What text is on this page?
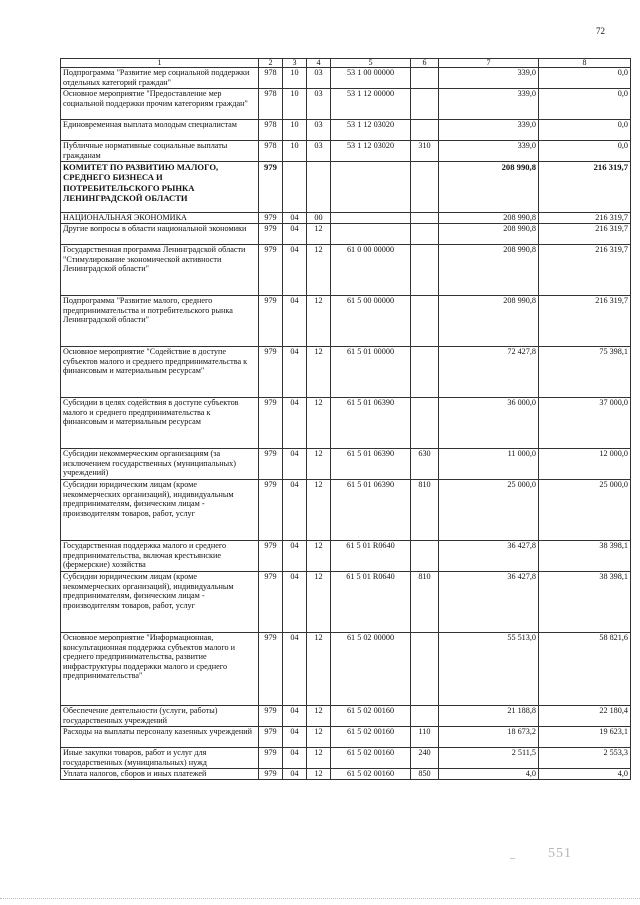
72
1	2	3	4	5	6	7	8
Подпрограмма "Развитие мер социальной поддержки отдельных категорий граждан"	978	10	03	53 1 00 00000		339,0	0,0
Основное мероприятие "Предоставление мер социальной поддержки прочим категориям граждан"	978	10	03	53 1 12 00000		339,0	0,0
Единовременная выплата молодым специалистам	978	10	03	53 1 12 03020		339,0	0,0
Публичные нормативные социальные выплаты гражданам	978	10	03	53 1 12 03020	310	339,0	0,0
КОМИТЕТ ПО РАЗВИТИЮ МАЛОГО, СРЕДНЕГО БИЗНЕСА И ПОТРЕБИТЕЛЬСКОГО РЫНКА ЛЕНИНГРАДСКОЙ ОБЛАСТИ	979					208 990,8	216 319,7
НАЦИОНАЛЬНАЯ ЭКОНОМИКА	979	04	00			208 990,8	216 319,7
Другие вопросы в области национальной экономики	979	04	12			208 990,8	216 319,7
Государственная программа Ленинградской области "Стимулирование экономической активности Ленинградской области"	979	04	12	61 0 00 00000		208 990,8	216 319,7
Подпрограмма "Развитие малого, среднего предпринимательства и потребительского рынка Ленинградской области"	979	04	12	61 5 00 00000		208 990,8	216 319,7
Основное мероприятие "Содействие в доступе субъектов малого и среднего предпринимательства к финансовым и материальным ресурсам"	979	04	12	61 5 01 00000		72 427,8	75 398,1
Субсидии в целях содействия в доступе субъектов малого и среднего предпринимательства к финансовым и материальным ресурсам	979	04	12	61 5 01 06390		36 000,0	37 000,0
Субсидии некоммерческим организациям (за исключением государственных (муниципальных) учреждений)	979	04	12	61 5 01 06390	630	11 000,0	12 000,0
Субсидии юридическим лицам (кроме некоммерческих организаций), индивидуальным предпринимателям, физическим лицам - производителям товаров, работ, услуг	979	04	12	61 5 01 06390	810	25 000,0	25 000,0
Государственная поддержка малого и среднего предпринимательства, включая крестьянские (фермерские) хозяйства	979	04	12	61 5 01 R0640		36 427,8	38 398,1
Субсидии юридическим лицам (кроме некоммерческих организаций), индивидуальным предпринимателям, физическим лицам - производителям товаров, работ, услуг	979	04	12	61 5 01 R0640	810	36 427,8	38 398,1
Основное мероприятие "Информационная, консультационная поддержка субъектов малого и среднего предпринимательства, развитие инфраструктуры поддержки малого и среднего предпринимательства"	979	04	12	61 5 02 00000		55 513,0	58 821,6
Обеспечение деятельности (услуги, работы) государственных учреждений	979	04	12	61 5 02 00160		21 188,8	22 180,4
Расходы на выплаты персоналу казенных учреждений	979	04	12	61 5 02 00160	110	18 673,2	19 623,1
Иные закупки товаров, работ и услуг для государственных (муниципальных) нужд	979	04	12	61 5 02 00160	240	2 511,5	2 553,3
Уплата налогов, сборов и иных платежей	979	04	12	61 5 02 00160	850	4,0	4,0
– 551
